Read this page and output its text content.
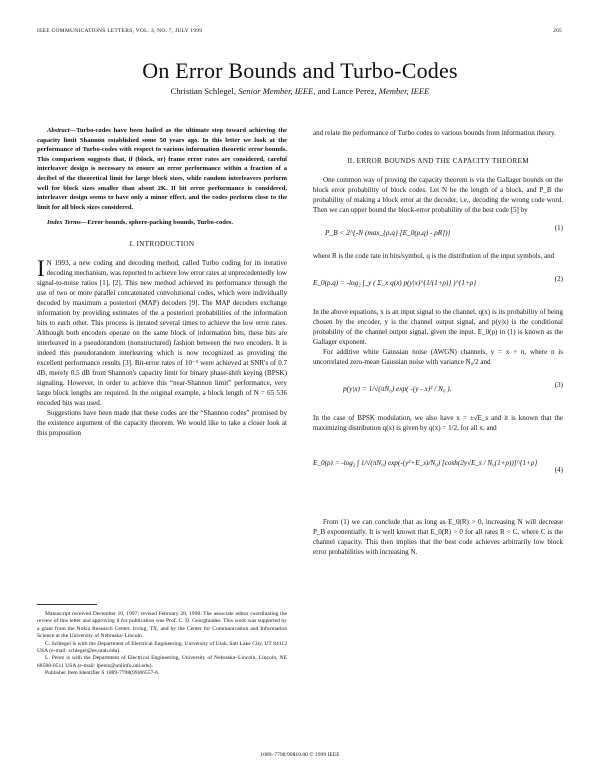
IEEE COMMUNICATIONS LETTERS, VOL. 3, NO. 7, JULY 1999	205
On Error Bounds and Turbo-Codes
Christian Schlegel, Senior Member, IEEE, and Lance Perez, Member, IEEE

Abstract—Turbo-codes have been hailed as the ultimate step toward achieving the capacity limit Shannon established some 50 years ago. In this letter we look at the performance of Turbo-codes with respect to various information theoretic error bounds. This comparison suggests that, if (block, or) frame error rates are considered, careful interleaver design is necessary to ensure an error performance within a fraction of a decibel of the theoretical limit for large block sizes, while random interleavers perform well for block sizes smaller than about 2K. If bit error performance is considered, interleaver design seems to have only a minor effect, and the codes perform close to the limit for all block sizes considered.

Index Terms—Error bounds, sphere-packing bounds, Turbo-codes.

I. INTRODUCTION

I N 1993, a new coding and decoding method, called Turbo coding for its iterative decoding mechanism, was reported to achieve low error rates at unprecedentedly low signal-to-noise ratios [1], [2]. This new method achieved its performance through the use of two or more parallel concatenated convolutional codes, which were individually decoded by maximum a posteriori (MAP) decoders [9]. The MAP decoders exchange information by providing estimates of the a posteriori probabilities of the information bits to each other. This process is iterated several times to achieve the low error rates. Although both encoders operate on the same block of information bits, these bits are interleaved in a pseudorandom (nonstructured) fashion between the two encoders. It is indeed this pseudorandom interleaving which is now recognized as providing the excellent performance results [3]. Bit-error rates of 10⁻⁵ were achieved at SNR's of 0.7 dB, merely 0.5 dB from Shannon's capacity limit for binary phase-shift keying (BPSK) signaling. However, in order to achieve this “near-Shannon limit” performance, very large block lengths are required. In the original example, a block length of N = 65 536 encoded bits was used.

Suggestions have been made that these codes are the “Shannon codes” promised by the existence argument of the capacity theorem. We would like to take a closer look at this proposition

Manuscript received December 10, 1997; revised February 28, 1998. The associate editor coordinating the review of this letter and approving it for publication was Prof. C. D. Georghiades. This work was supported by a grant from the Nokia Research Center, Irving, TX, and by the Center for Communication and Information Science at the University of Nebraska–Lincoln.

C. Schlegel is with the Department of Electrical Engineering, University of Utah, Salt Lake City, UT 84112 USA (e-mail: schlegel@ee.utah.edu).

L. Perez is with the Department of Electrical Engineering, University of Nebraska–Lincoln, Lincoln, NE 68588-0511 USA (e-mail: lperez@unlinfo.unl.edu).

Publisher Item Identifier S 1089-7798(99)06557-6.

and relate the performance of Turbo codes to various bounds from information theory.

II. ERROR BOUNDS AND THE CAPACITY THEOREM

One common way of proving the capacity theorem is via the Gallager bounds on the block error probability of block codes. Let N be the length of a block, and P_B the probability of making a block error at the decoder, i.e., decoding the wrong code word. Then we can upper bound the block-error probability of the best code [5] by

P_B < 2^{-N (max_{ρ,q} [E_0(ρ,q) - ρR])}	(1)

where R is the code rate in bits/symbol, q is the distribution of the input symbols, and

E_0(ρ,q) = -log₂ ∫_y ( Σ_x q(x) p(y|x)^{1/(1+ρ)} )^{1+ρ}	(2)

In the above equations, x is an input signal to the channel, q(x) is its probability of being chosen by the encoder, y is the channel output signal, and p(y|x) is the conditional probability of the channel output signal, given the input. E_0(ρ) in (1) is known as the Gallager exponent.

For additive white Gaussian noise (AWGN) channels, y = x + n, where n is uncorrelated zero-mean Gaussian noise with variance N₀/2 and

p(y|x) = 1/√(πN₀) exp( -(y - x)² / N₀ ).	(3)

In the case of BPSK modulation, we also have x = ±√E_s and it is known that the maximizing distribution q(x) is given by q(x) = 1/2, for all x, and

E_0(ρ) = -log₂ ∫ 1/√(πN₀) exp(-(y²+E_s)/N₀) [cosh(2y√E_s / N₀(1+ρ))]^{1+ρ}
(4)

From (1) we can conclude that as long as E_0(R) > 0, increasing N will decrease P_B exponentially. It is well known that E_0(R) > 0 for all rates R < C, where C is the channel capacity. This then implies that the best code achieves arbitrarily low block error probabilities with increasing N.

1089–7798/99$10.00 © 1999 IEEE
